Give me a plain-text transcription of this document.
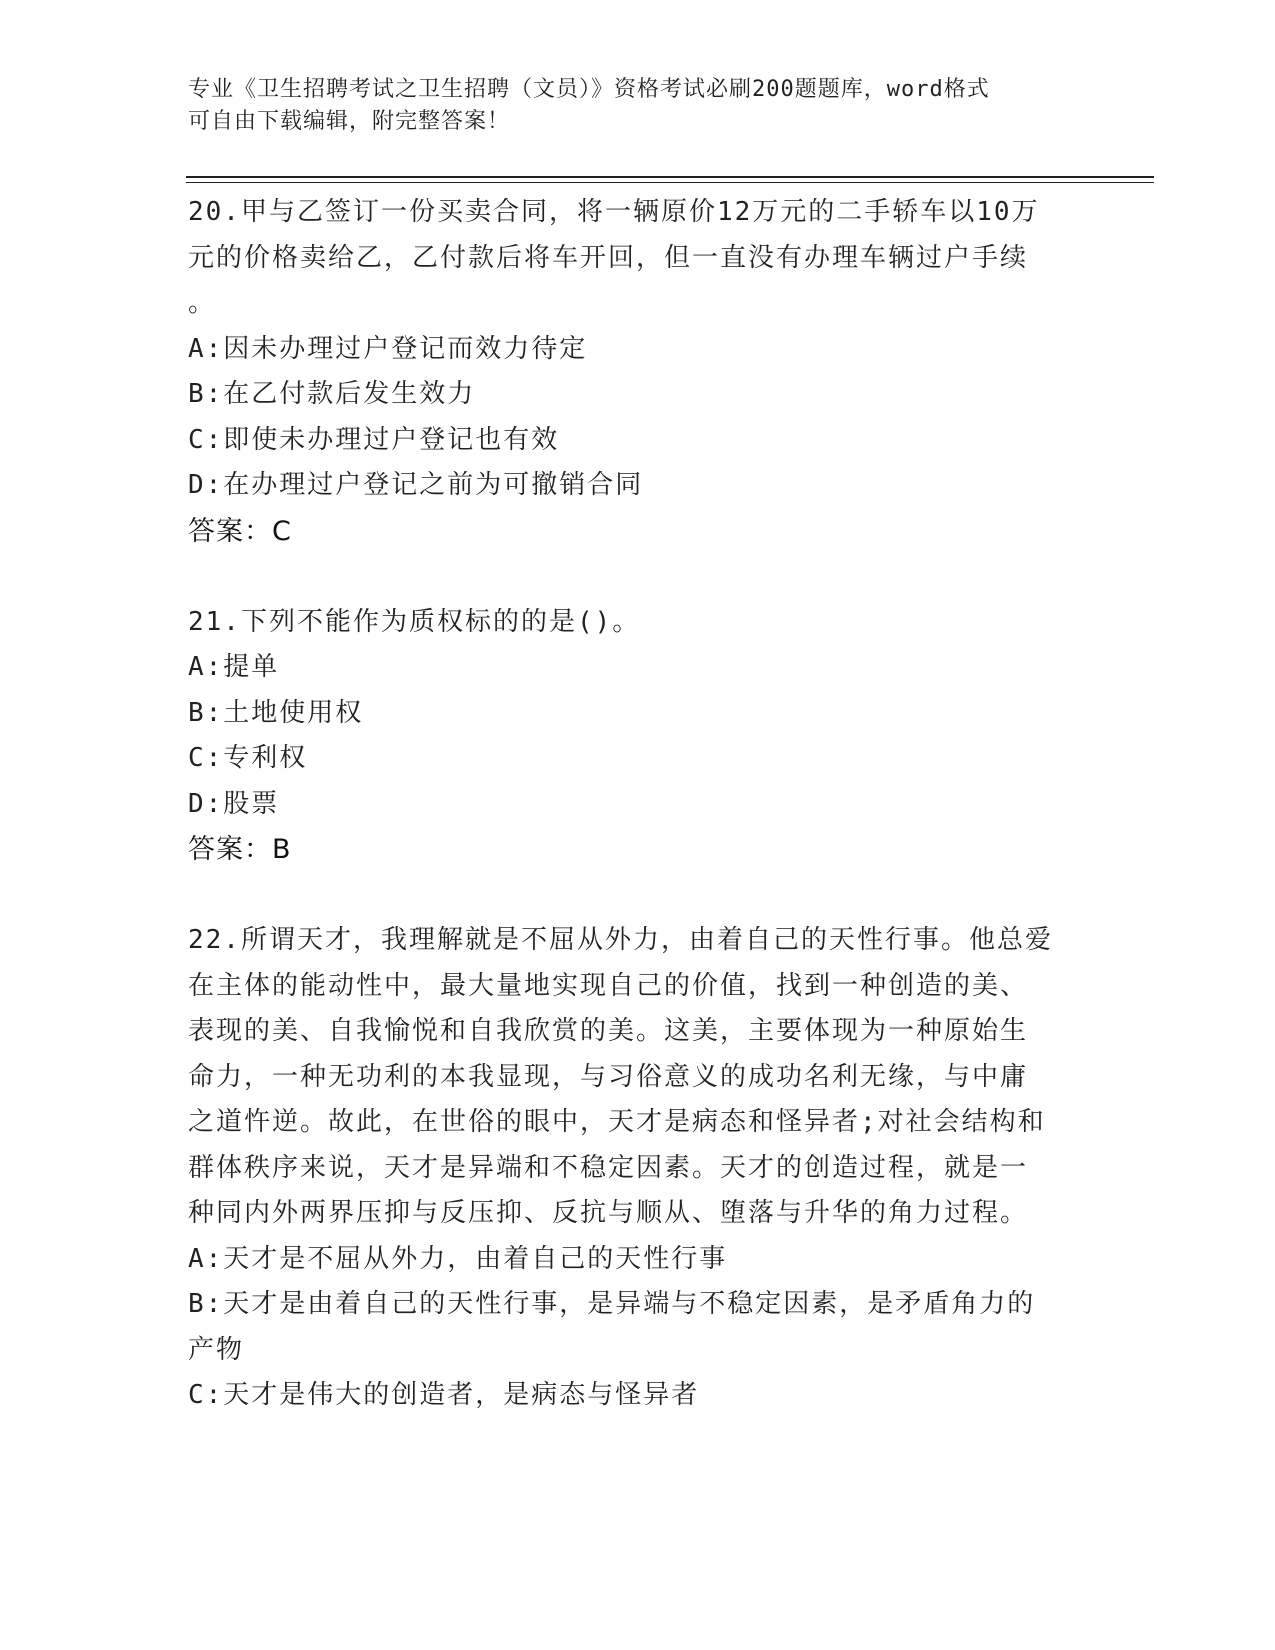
专业《卫生招聘考试之卫生招聘（文员）》资格考试必刷200题题库，word格式
可自由下载编辑，附完整答案！
20.甲与乙签订一份买卖合同，将一辆原价12万元的二手轿车以10万
元的价格卖给乙，乙付款后将车开回，但一直没有办理车辆过户手续
。
A:因未办理过户登记而效力待定
B:在乙付款后发生效力
C:即使未办理过户登记也有效
D:在办理过户登记之前为可撤销合同
答案：C
21.下列不能作为质权标的的是()。
A:提单
B:土地使用权
C:专利权
D:股票
答案：B
22.所谓天才，我理解就是不屈从外力，由着自己的天性行事。他总爱
在主体的能动性中，最大量地实现自己的价值，找到一种创造的美、
表现的美、自我愉悦和自我欣赏的美。这美，主要体现为一种原始生
命力，一种无功利的本我显现，与习俗意义的成功名利无缘，与中庸
之道忤逆。故此，在世俗的眼中，天才是病态和怪异者;对社会结构和
群体秩序来说，天才是异端和不稳定因素。天才的创造过程，就是一
种同内外两界压抑与反压抑、反抗与顺从、堕落与升华的角力过程。
A:天才是不屈从外力，由着自己的天性行事
B:天才是由着自己的天性行事，是异端与不稳定因素，是矛盾角力的
产物
C:天才是伟大的创造者，是病态与怪异者
